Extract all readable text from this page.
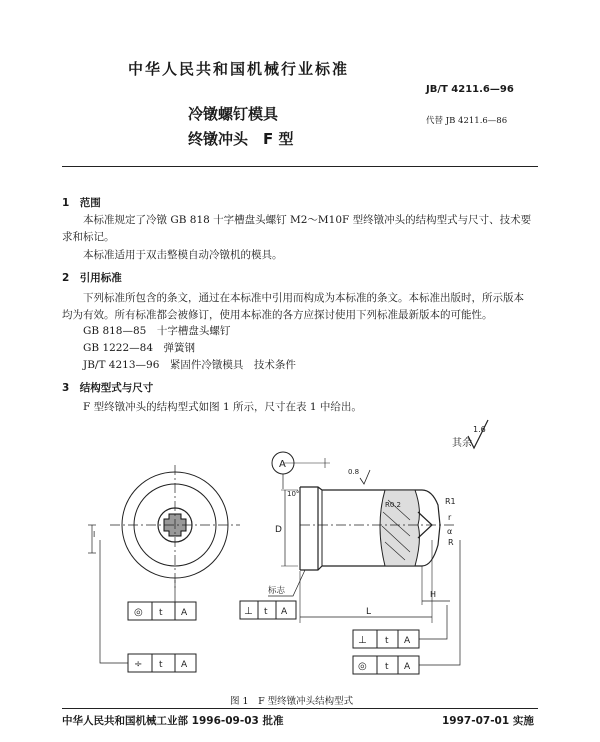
中华人民共和国机械行业标准
JB/T 4211.6—96
冷镦螺钉模具
终镦冲头　F 型
代替 JB 4211.6—86
1　范围
本标准规定了冷镦 GB 818 十字槽盘头螺钉 M2～M10F 型终镦冲头的结构型式与尺寸、技术要求和标记。
本标准适用于双击整模自动冷镦机的模具。
2　引用标准
下列标准所包含的条文，通过在本标准中引用而构成为本标准的条文。本标准出版时，所示版本均为有效。所有标准都会被修订，使用本标准的各方应探讨使用下列标准最新版本的可能性。
GB 818—85　十字槽盘头螺钉
GB 1222—84　弹簧钢
JB/T 4213—96　紧固件冷镦模具　技术条件
3　结构型式与尺寸
F 型终镦冲头的结构型式如图 1 所示，尺寸在表 1 中给出。
其余
1.6
l
◎ t A
÷ t A
A
10°
0.8
R0.2	R1
r
α
R
D
标志
L
H
⊥ t A
⊥ t A
◎ t A
图 1　F 型终镦冲头结构型式
中华人民共和国机械工业部 1996-09-03 批准	1997-07-01 实施
